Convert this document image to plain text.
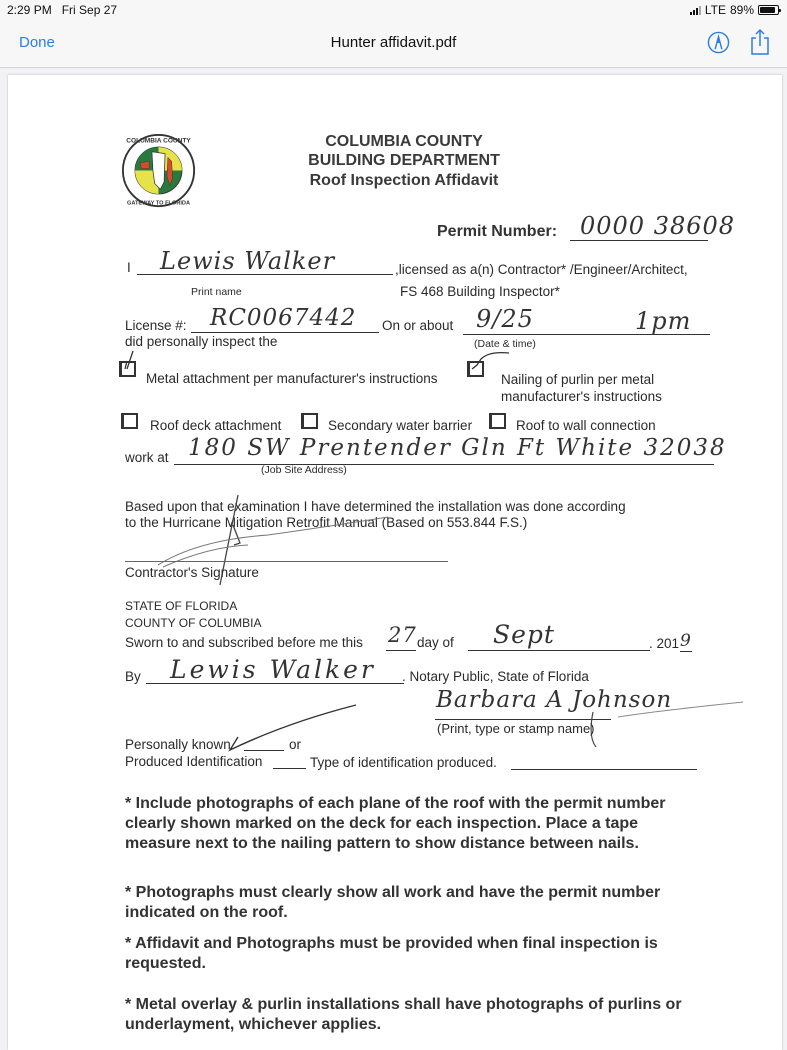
2:29 PM Fri Sep 27	LTE 89%
Done	Hunter affidavit.pdf
COLUMBIA COUNTY
GATEWAY TO FLORIDA
COLUMBIA COUNTY
BUILDING DEPARTMENT
Roof Inspection Affidavit
Permit Number: 0000 38608
I Lewis Walker	,licensed as a(n) Contractor* /Engineer/Architect,
Print name	FS 468 Building Inspector*
License #: RC0067442 On or about 9/25	1pm
did personally inspect the	(Date & time)
Metal attachment per manufacturer's instructions	Nailing of purlin per metal
manufacturer's instructions
Roof deck attachment	Secondary water barrier	Roof to wall connection
work at 180 SW Prentender Gln Ft White 32038
(Job Site Address)
Based upon that examination I have determined the installation was done according
to the Hurricane Mitigation Retrofit Manual (Based on 553.844 F.S.)
Contractor's Signature
STATE OF FLORIDA
COUNTY OF COLUMBIA
Sworn to and subscribed before me this 27 day of Sept	. 201 9
By Lewis Walker . Notary Public, State of Florida
Barbara A Johnson
(Print, type or stamp name)
Personally known	or
Produced Identification	Type of identification produced.
* Include photographs of each plane of the roof with the permit number clearly shown marked on the deck for each inspection. Place a tape measure next to the nailing pattern to show distance between nails.
* Photographs must clearly show all work and have the permit number indicated on the roof.
* Affidavit and Photographs must be provided when final inspection is requested.
* Metal overlay & purlin installations shall have photographs of purlins or underlayment, whichever applies.
